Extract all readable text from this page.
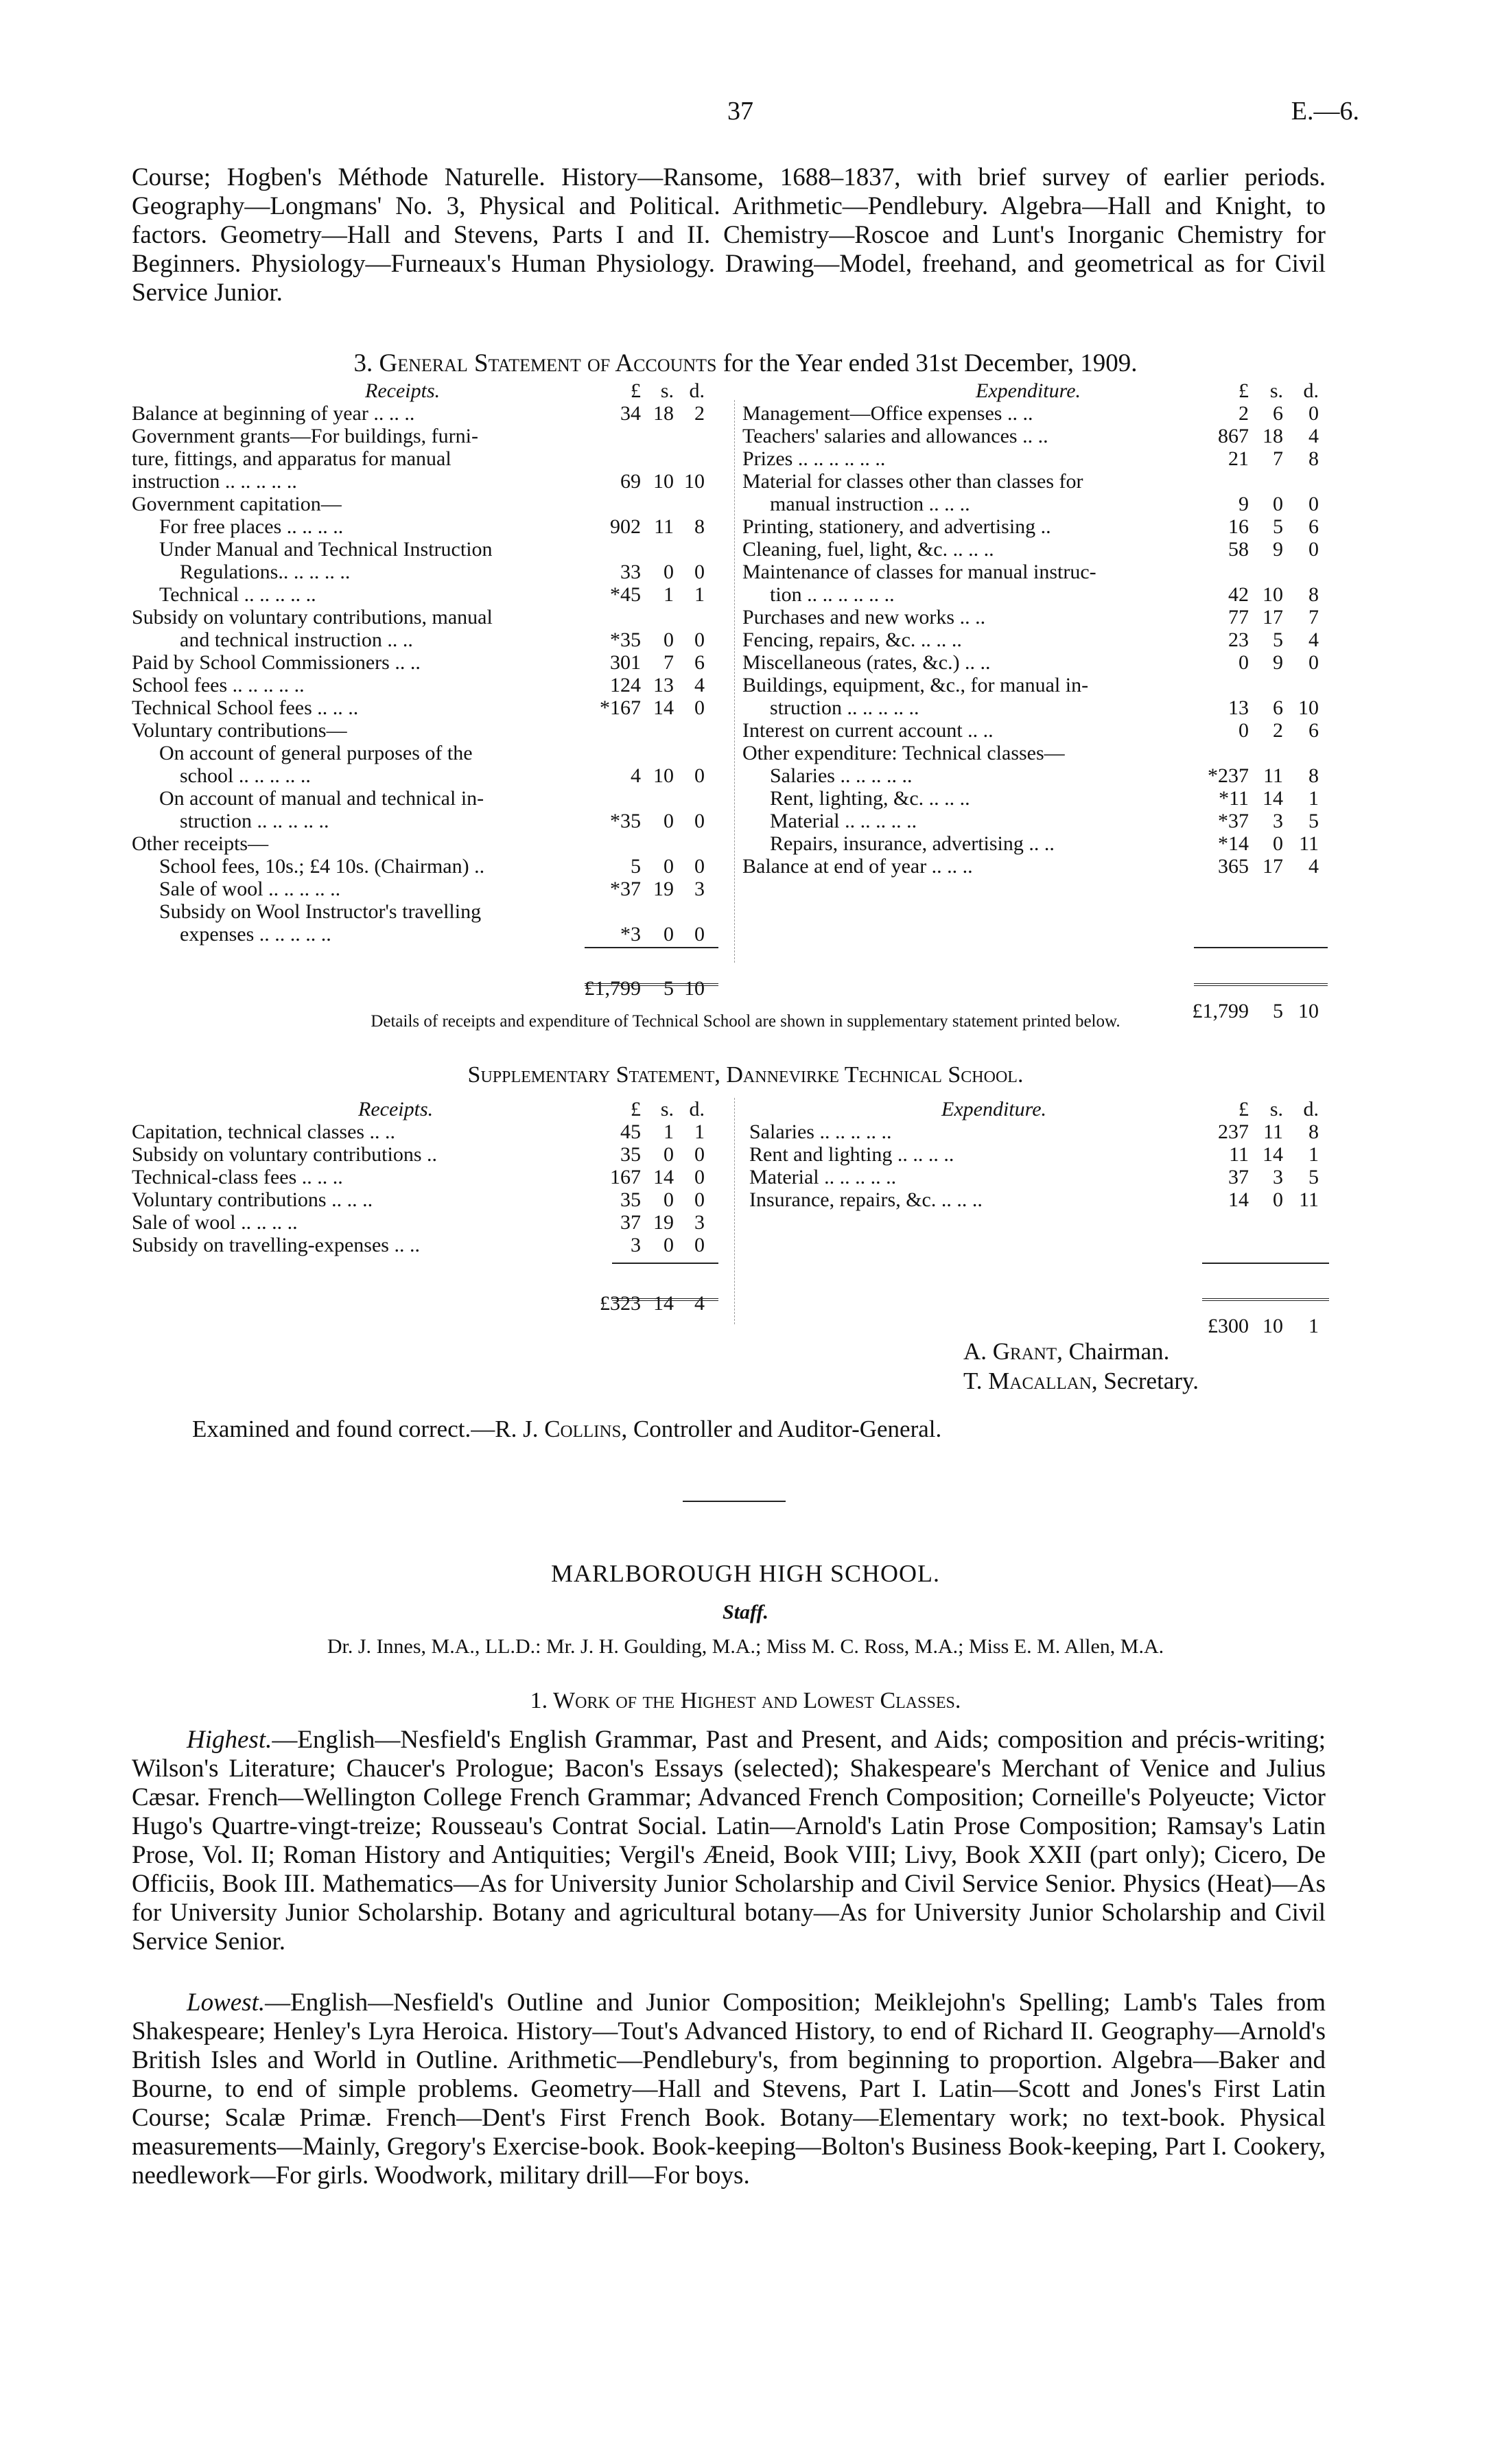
37	E.—6.

Course; Hogben's Méthode Naturelle. History—Ransome, 1688–1837, with brief survey of earlier periods. Geography—Longmans' No. 3, Physical and Political. Arithmetic—Pendlebury. Algebra—Hall and Knight, to factors. Geometry—Hall and Stevens, Parts I and II. Chemistry—Roscoe and Lunt's Inorganic Chemistry for Beginners. Physiology—Furneaux's Human Physiology. Drawing—Model, freehand, and geometrical as for Civil Service Junior.

3. General Statement of Accounts for the Year ended 31st December, 1909.
Receipts.	£ s. d.	Expenditure.	£	s. d.
Balance at beginning of year .. .. ..	34 18	2
Government grants—For buildings, furni-
ture, fittings, and apparatus for manual
instruction .. .. .. .. ..	69 10 10
Government capitation—
For free places .. .. .. ..	902 11	8
Under Manual and Technical Instruction
Regulations.. .. .. .. ..	33	0	0
Technical .. .. .. .. ..	*45	1	1
Subsidy on voluntary contributions, manual
and technical instruction .. ..	*35	0	0
Paid by School Commissioners .. ..	301	7	6
School fees .. .. .. .. ..	124 13	4
Technical School fees .. .. ..	*167 14	0
Voluntary contributions—
On account of general purposes of the
school .. .. .. .. ..	4 10	0
On account of manual and technical in-
struction .. .. .. .. ..	*35	0	0
Other receipts—
School fees, 10s.; £4 10s. (Chairman) ..	5	0	0
Sale of wool .. .. .. .. ..	*37 19	3
Subsidy on Wool Instructor's travelling
expenses .. .. .. .. ..	*3	0	0
Management—Office expenses .. ..	2	6	0
Teachers' salaries and allowances .. ..	867 18	4
Prizes .. .. .. .. .. ..	21	7	8
Material for classes other than classes for
manual instruction .. .. ..	9	0	0
Printing, stationery, and advertising ..	16	5	6
Cleaning, fuel, light, &c. .. .. ..	58	9	0
Maintenance of classes for manual instruc-
tion .. .. .. .. .. ..	42 10	8
Purchases and new works .. ..	77 17	7
Fencing, repairs, &c. .. .. ..	23	5	4
Miscellaneous (rates, &c.) .. ..	0	9	0
Buildings, equipment, &c., for manual in-
struction .. .. .. .. ..	13	6 10
Interest on current account .. ..	0	2	6
Other expenditure: Technical classes—
Salaries .. .. .. .. ..	*237 11	8
Rent, lighting, &c. .. .. ..	*11 14	1
Material .. .. .. .. ..	*37	3	5
Repairs, insurance, advertising .. ..	*14	0 11
Balance at end of year .. .. ..	365 17	4
£1,799	5 10
£1,799	5 10
Details of receipts and expenditure of Technical School are shown in supplementary statement printed below.
Supplementary Statement, Dannevirke Technical School.
Receipts.	£ s. d.	Expenditure.	£	s. d.
Capitation, technical classes .. ..	45	1	1
Subsidy on voluntary contributions ..	35	0	0
Technical-class fees .. .. ..	167 14	0
Voluntary contributions .. .. ..	35	0	0
Sale of wool .. .. .. ..	37 19	3
Subsidy on travelling-expenses .. ..	3	0	0
Salaries .. .. .. .. ..	237 11	8
Rent and lighting .. .. .. ..	11 14	1
Material .. .. .. .. ..	37	3	5
Insurance, repairs, &c. .. .. ..	14	0 11
£323 14	4
£300 10	1
A. Grant, Chairman.
T. Macallan, Secretary.
Examined and found correct.—R. J. Collins, Controller and Auditor-General.
MARLBOROUGH HIGH SCHOOL.
Staff.
Dr. J. Innes, M.A., LL.D.: Mr. J. H. Goulding, M.A.; Miss M. C. Ross, M.A.; Miss E. M. Allen, M.A.
1. Work of the Highest and Lowest Classes.

Highest.—English—Nesfield's English Grammar, Past and Present, and Aids; composition and précis-writing; Wilson's Literature; Chaucer's Prologue; Bacon's Essays (selected); Shakespeare's Merchant of Venice and Julius Cæsar. French—Wellington College French Grammar; Advanced French Composition; Corneille's Polyeucte; Victor Hugo's Quartre-vingt-treize; Rousseau's Contrat Social. Latin—Arnold's Latin Prose Composition; Ramsay's Latin Prose, Vol. II; Roman History and Antiquities; Vergil's Æneid, Book VIII; Livy, Book XXII (part only); Cicero, De Officiis, Book III. Mathematics—As for University Junior Scholarship and Civil Service Senior. Physics (Heat)—As for University Junior Scholarship. Botany and agricultural botany—As for University Junior Scholarship and Civil Service Senior.

Lowest.—English—Nesfield's Outline and Junior Composition; Meiklejohn's Spelling; Lamb's Tales from Shakespeare; Henley's Lyra Heroica. History—Tout's Advanced History, to end of Richard II. Geography—Arnold's British Isles and World in Outline. Arithmetic—Pendlebury's, from beginning to proportion. Algebra—Baker and Bourne, to end of simple problems. Geometry—Hall and Stevens, Part I. Latin—Scott and Jones's First Latin Course; Scalæ Primæ. French—Dent's First French Book. Botany—Elementary work; no text-book. Physical measurements—Mainly, Gregory's Exercise-book. Book-keeping—Bolton's Business Book-keeping, Part I. Cookery, needlework—For girls. Woodwork, military drill—For boys.
